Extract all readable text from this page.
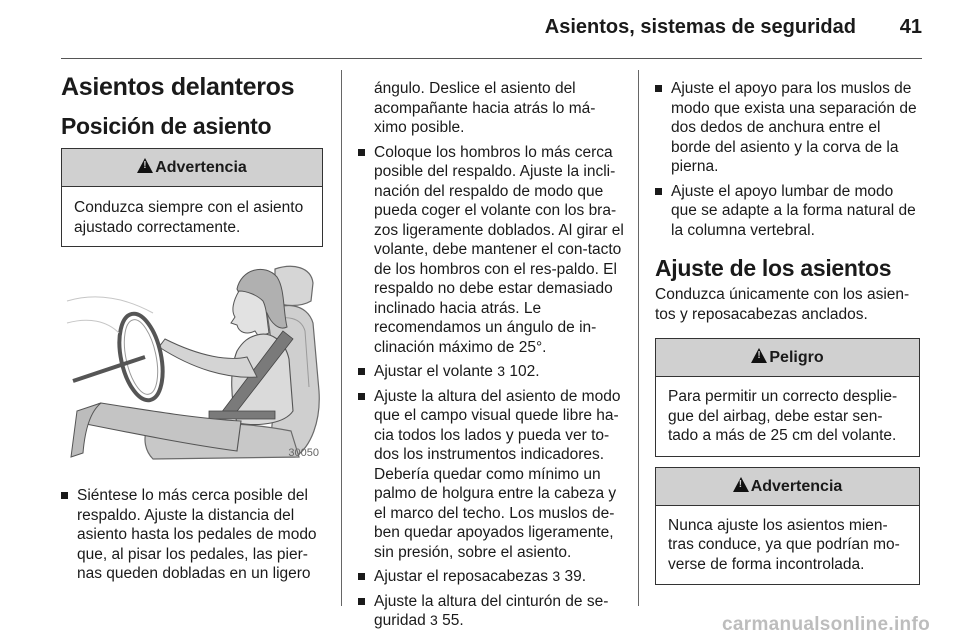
Asientos, sistemas de seguridad 41
Asientos delanteros
Posición de asiento
!Advertencia
Conduzca siempre con el asiento ajustado correctamente.
30050
Siéntese lo más cerca posible del respaldo. Ajuste la distancia del asiento hasta los pedales de modo que, al pisar los pedales, las pier-nas queden dobladas en un ligero
ángulo. Deslice el asiento del acompañante hacia atrás lo má-ximo posible.
Coloque los hombros lo más cerca posible del respaldo. Ajuste la incli-nación del respaldo de modo que pueda coger el volante con los bra-zos ligeramente doblados. Al girar el volante, debe mantener el con-tacto de los hombros con el res-paldo. El respaldo no debe estar demasiado inclinado hacia atrás. Le recomendamos un ángulo de in-clinación máximo de 25°.
Ajustar el volante 3 102.
Ajuste la altura del asiento de modo que el campo visual quede libre ha-cia todos los lados y pueda ver to-dos los instrumentos indicadores. Debería quedar como mínimo un palmo de holgura entre la cabeza y el marco del techo. Los muslos de-ben quedar apoyados ligeramente, sin presión, sobre el asiento.
Ajustar el reposacabezas 3 39.
Ajuste la altura del cinturón de se-guridad 3 55.
Ajuste el apoyo para los muslos de modo que exista una separación de dos dedos de anchura entre el borde del asiento y la corva de la pierna.
Ajuste el apoyo lumbar de modo que se adapte a la forma natural de la columna vertebral.
Ajuste de los asientos
Conduzca únicamente con los asien-tos y reposacabezas anclados.
!Peligro
Para permitir un correcto desplie-gue del airbag, debe estar sen-tado a más de 25 cm del volante.
!Advertencia
Nunca ajuste los asientos mien-tras conduce, ya que podrían mo-verse de forma incontrolada.
carmanualsonline.info
